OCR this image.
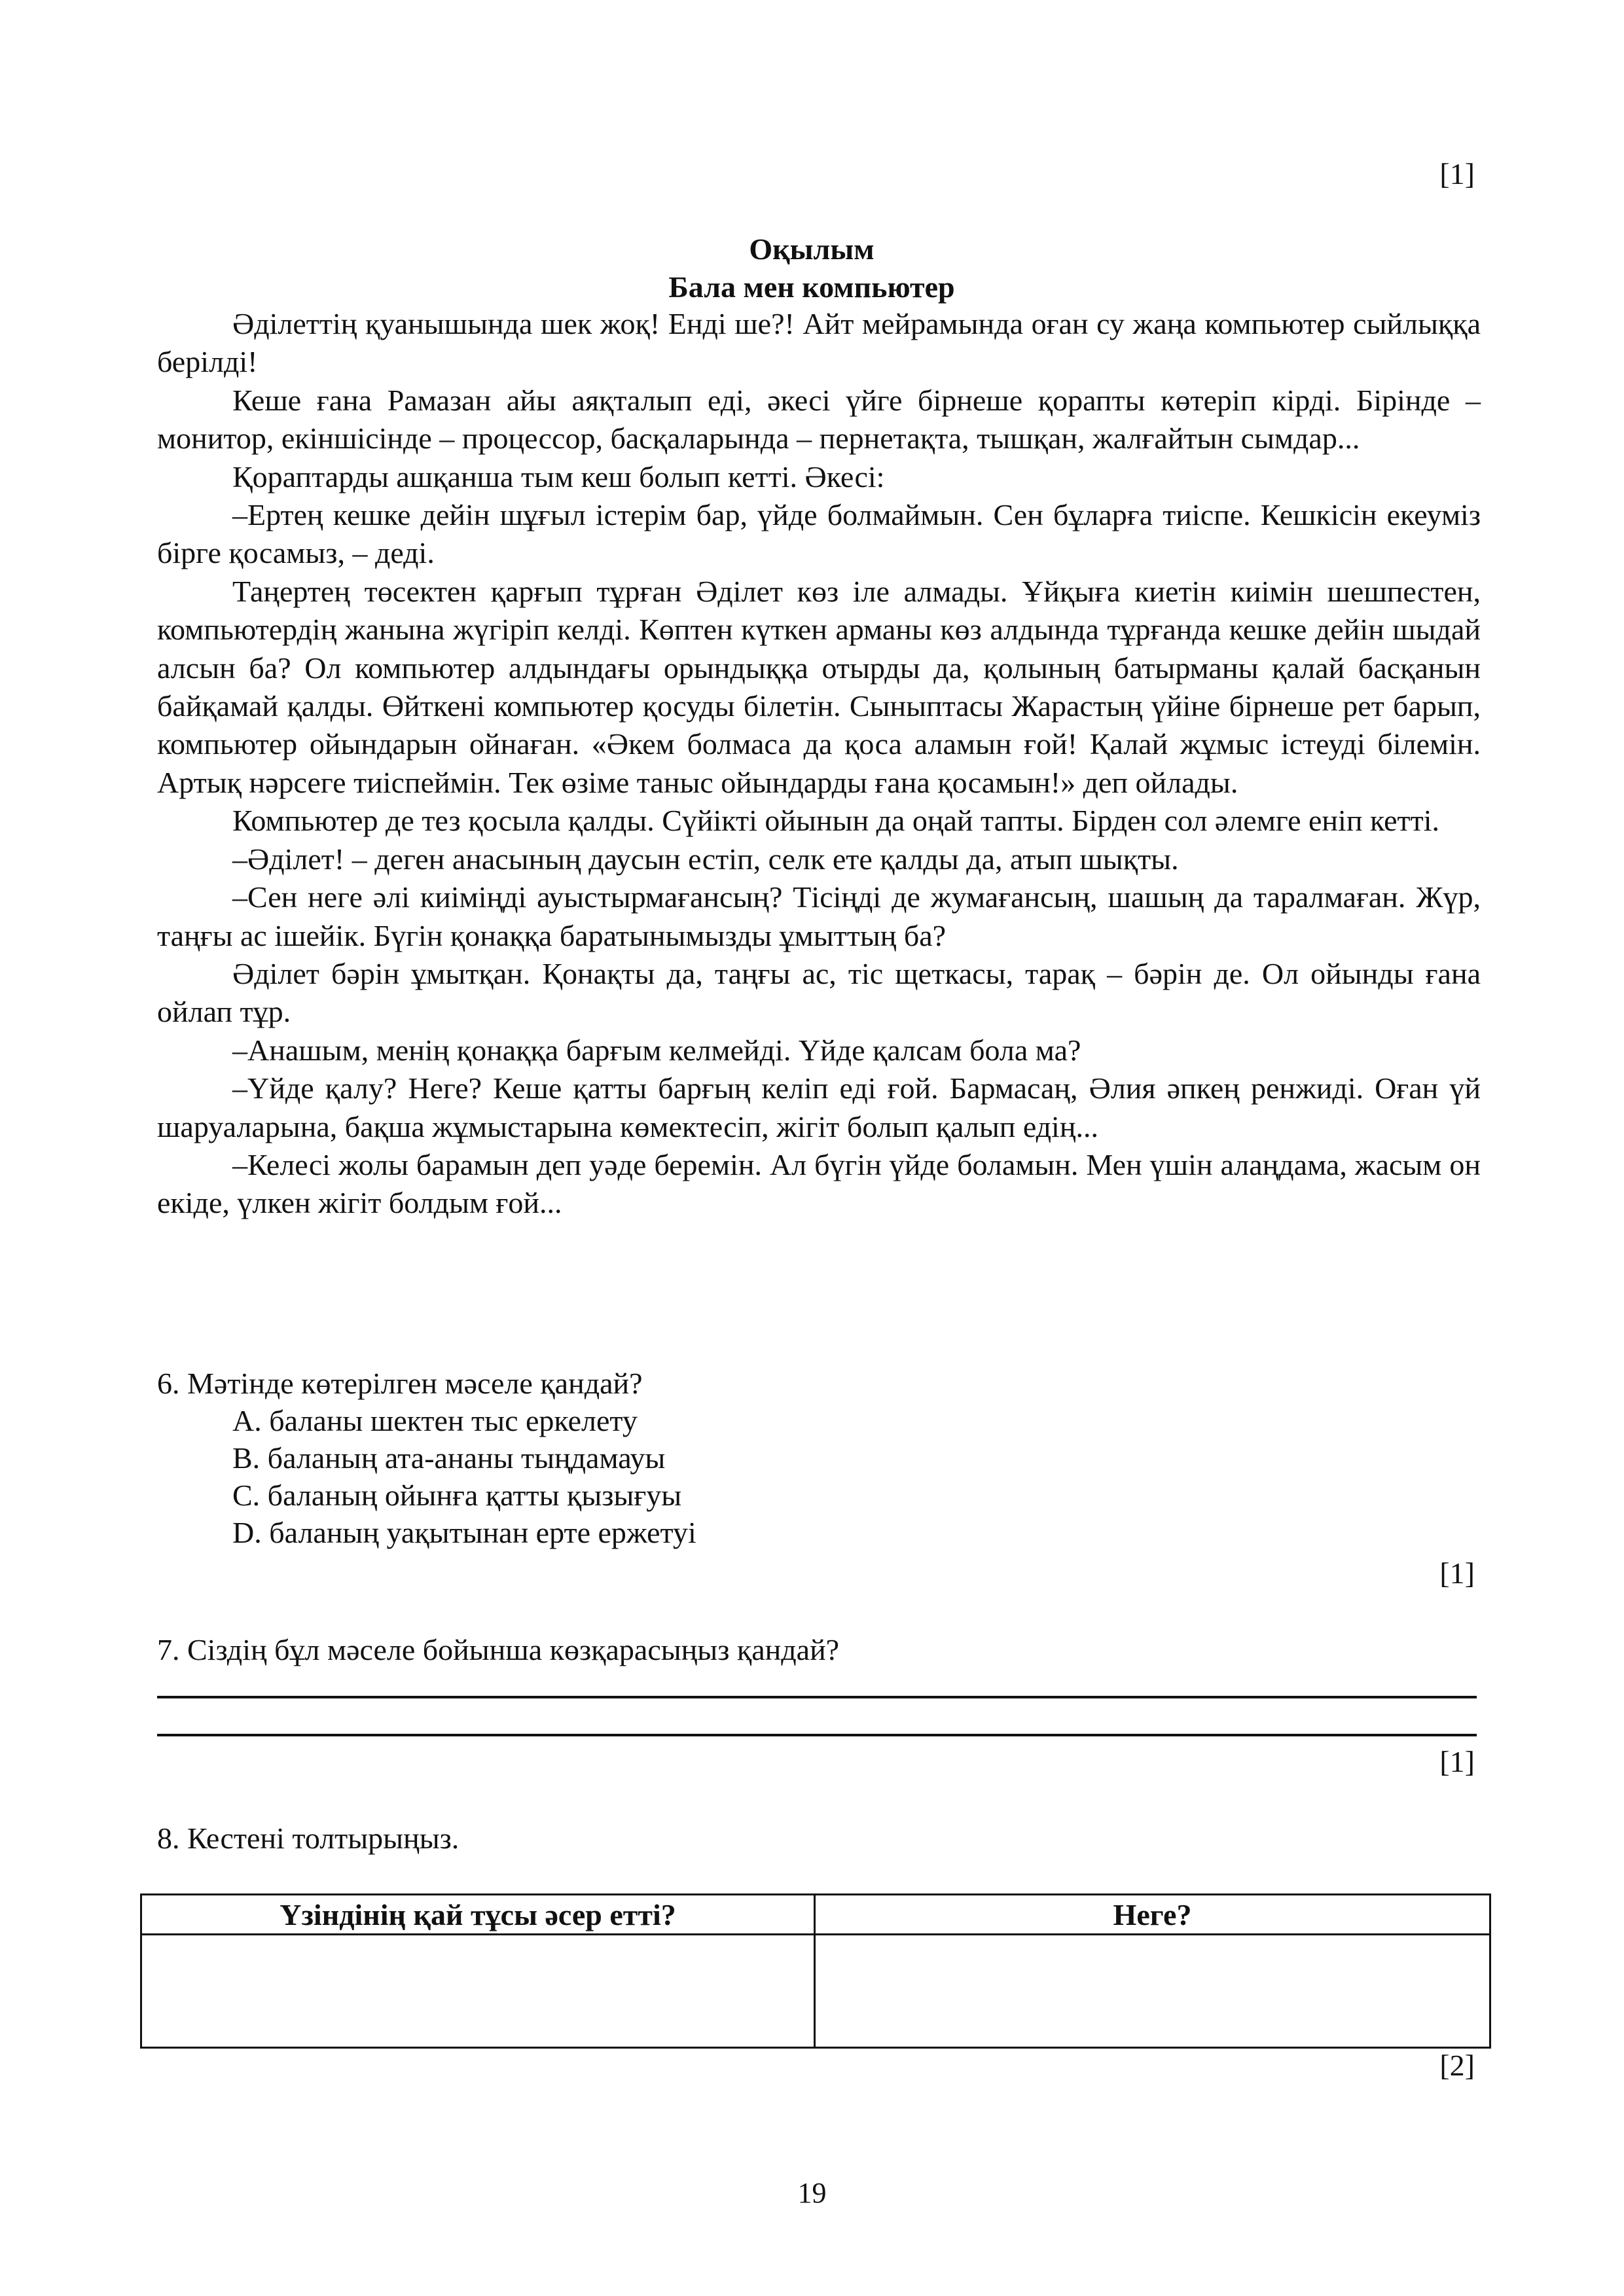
[1]
Оқылым
Бала мен компьютер

Әділеттің қуанышында шек жоқ! Енді ше?! Айт мейрамында оған су жаңа компьютер сыйлыққа берілді!

Кеше ғана Рамазан айы аяқталып еді, әкесі үйге бірнеше қорапты көтеріп кірді. Бірінде – монитор, екіншісінде – процессор, басқаларында – пернетақта, тышқан, жалғайтын сымдар...

Қораптарды ашқанша тым кеш болып кетті. Әкесі:

–Ертең кешке дейін шұғыл істерім бар, үйде болмаймын. Сен бұларға тиіспе. Кешкісін екеуміз бірге қосамыз, – деді.

Таңертең төсектен қарғып тұрған Әділет көз іле алмады. Ұйқыға киетін киімін шешпестен, компьютердің жанына жүгіріп келді. Көптен күткен арманы көз алдында тұрғанда кешке дейін шыдай алсын ба? Ол компьютер алдындағы орындыққа отырды да, қолының батырманы қалай басқанын байқамай қалды. Өйткені компьютер қосуды білетін. Сыныптасы Жарастың үйіне бірнеше рет барып, компьютер ойындарын ойнаған. «Әкем болмаса да қоса аламын ғой! Қалай жұмыс істеуді білемін. Артық нәрсеге тиіспеймін. Тек өзіме таныс ойындарды ғана қосамын!» деп ойлады.

Компьютер де тез қосыла қалды. Сүйікті ойынын да оңай тапты. Бірден сол әлемге еніп кетті.

–Әділет! – деген анасының даусын естіп, селк ете қалды да, атып шықты.

–Сен неге әлі киіміңді ауыстырмағансың? Тісіңді де жумағансың, шашың да таралмаған. Жүр, таңғы ас ішейік. Бүгін қонаққа баратынымызды ұмыттың ба?

Әділет бәрін ұмытқан. Қонақты да, таңғы ас, тіс щеткасы, тарақ – бәрін де. Ол ойынды ғана ойлап тұр.

–Анашым, менің қонаққа барғым келмейді. Үйде қалсам бола ма?

–Үйде қалу? Неге? Кеше қатты барғың келіп еді ғой. Бармасаң, Әлия әпкең ренжиді. Оған үй шаруаларына, бақша жұмыстарына көмектесіп, жігіт болып қалып едің...

–Келесі жолы барамын деп уәде беремін. Ал бүгін үйде боламын. Мен үшін алаңдама, жасым он екіде, үлкен жігіт болдым ғой...

6. Мәтінде көтерілген мәселе қандай?
A. баланы шектен тыс еркелету
B. баланың ата-ананы тыңдамауы
C. баланың ойынға қатты қызығуы
D. баланың уақытынан ерте ержетуі
[1]
7. Сіздің бұл мәселе бойынша көзқарасыңыз қандай?
[1]
8. Кестені толтырыңыз.
Үзіндінің қай тұсы әсер етті?	Неге?

[2]
19
